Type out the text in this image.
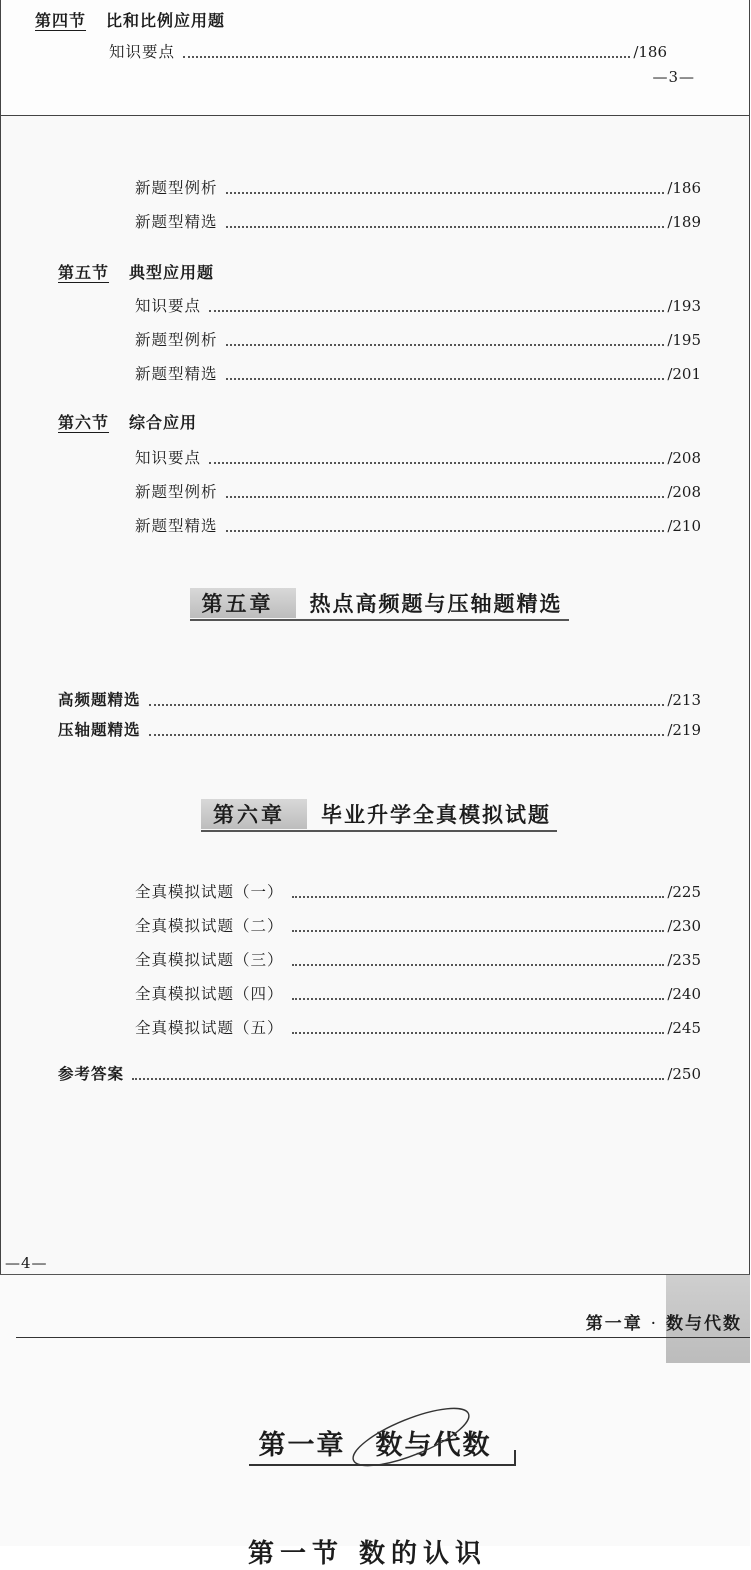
第四节 比和比例应用题
知识要点	/186
—3—
新题型例析	/186
新题型精选	/189
第五节 典型应用题
知识要点	/193
新题型例析	/195
新题型精选	/201
第六节 综合应用
知识要点	/208
新题型例析	/208
新题型精选	/210
第五章	热点高频题与压轴题精选
高频题精选	/213
压轴题精选	/219
第六章	毕业升学全真模拟试题
全真模拟试题（一）	/225
全真模拟试题（二）	/230
全真模拟试题（三）	/235
全真模拟试题（四）	/240
全真模拟试题（五）	/245
参考答案	/250
—4—
第一章 · 数与代数
第一章 数与代数
第一节 数的认识
